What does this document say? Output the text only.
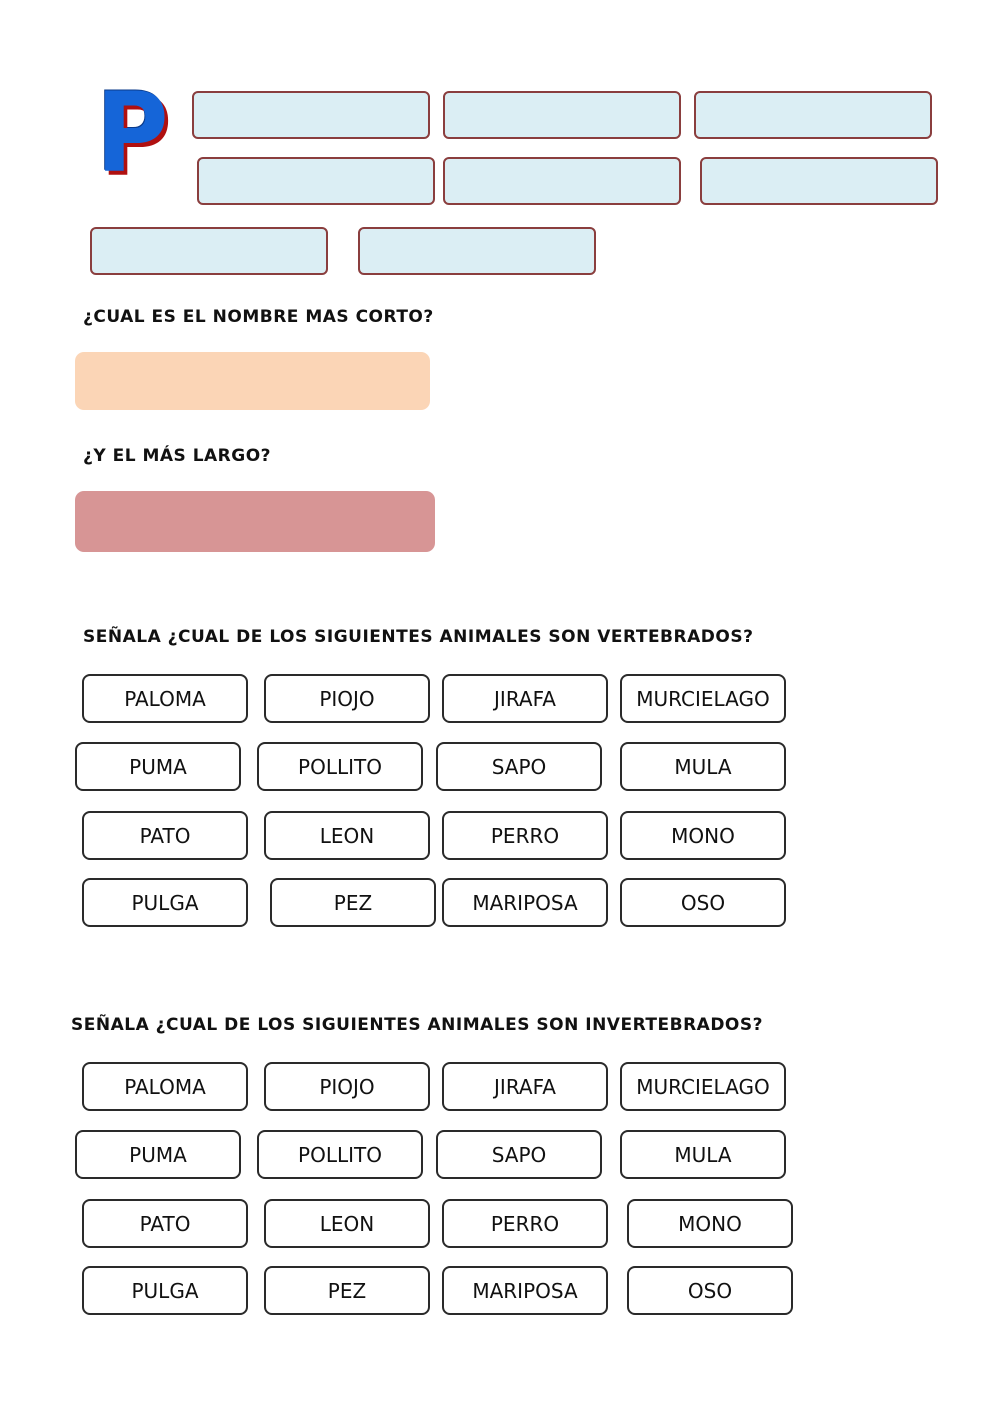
P
¿CUAL ES EL NOMBRE MAS CORTO?
¿Y EL MÁS LARGO?
SEÑALA ¿CUAL DE LOS SIGUIENTES ANIMALES SON VERTEBRADOS?
PALOMA	PIOJO	JIRAFA	MURCIELAGO
PUMA	POLLITO	SAPO	MULA
PATO	LEON	PERRO	MONO
PULGA	PEZ	MARIPOSA	OSO
SEÑALA ¿CUAL DE LOS SIGUIENTES ANIMALES SON INVERTEBRADOS?
PALOMA	PIOJO	JIRAFA	MURCIELAGO
PUMA	POLLITO	SAPO	MULA
PATO	LEON	PERRO	MONO
PULGA	PEZ	MARIPOSA	OSO
